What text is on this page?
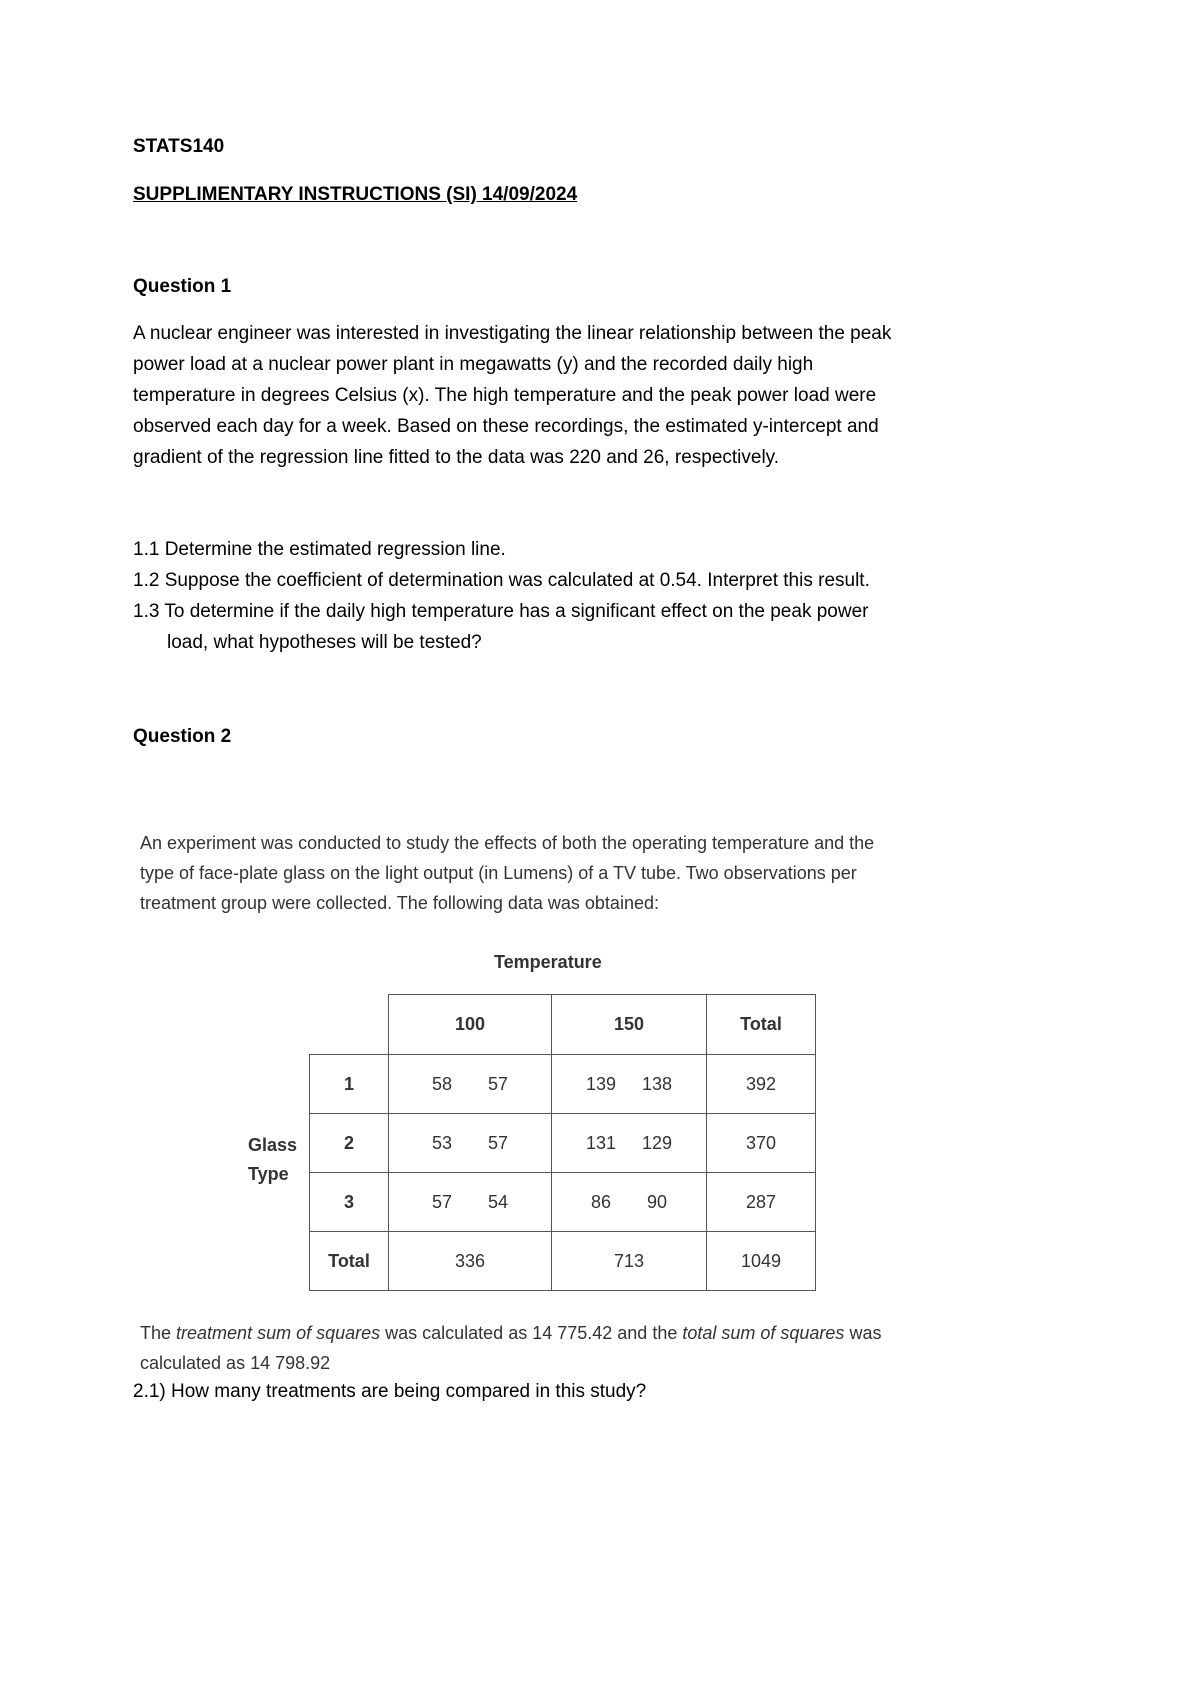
STATS140
SUPPLIMENTARY INSTRUCTIONS (SI) 14/09/2024
Question 1
A nuclear engineer was interested in investigating the linear relationship between the peak
power load at a nuclear power plant in megawatts (y) and the recorded daily high
temperature in degrees Celsius (x). The high temperature and the peak power load were
observed each day for a week. Based on these recordings, the estimated y-intercept and
gradient of the regression line fitted to the data was 220 and 26, respectively.
1.1 Determine the estimated regression line.
1.2 Suppose the coefficient of determination was calculated at 0.54. Interpret this result.
1.3 To determine if the daily high temperature has a significant effect on the peak power
load, what hypotheses will be tested?
Question 2
An experiment was conducted to study the effects of both the operating temperature and the
type of face-plate glass on the light output (in Lumens) of a TV tube. Two observations per
treatment group were collected. The following data was obtained:
Temperature
Glass
Type
100	150	Total
1	58 57	139 138	392
2	53 57	131 129	370
3	57 54	86 90	287
Total	336	713	1049
The treatment sum of squares was calculated as 14 775.42 and the total sum of squares was
calculated as 14 798.92
2.1) How many treatments are being compared in this study?
